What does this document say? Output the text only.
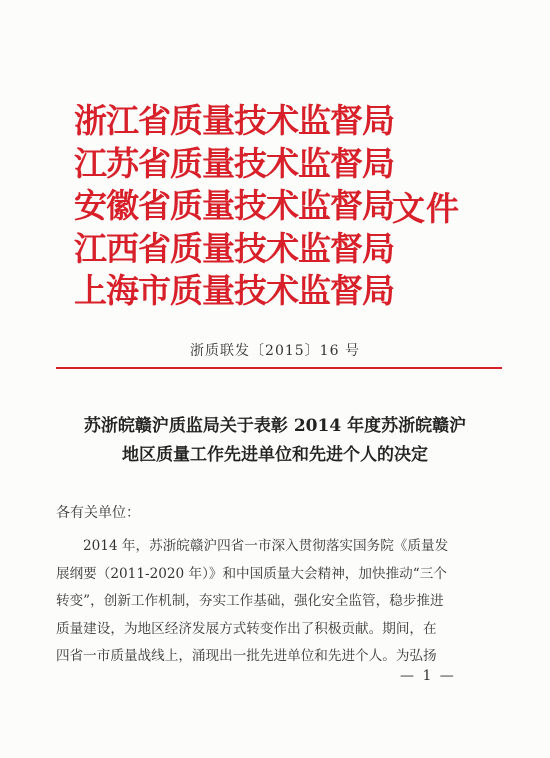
浙江省质量技术监督局
江苏省质量技术监督局
安徽省质量技术监督局
江西省质量技术监督局
上海市质量技术监督局
文件
浙质联发〔2015〕16 号
苏浙皖赣沪质监局关于表彰 2014 年度苏浙皖赣沪
地区质量工作先进单位和先进个人的决定
各有关单位：
2014 年，苏浙皖赣沪四省一市深入贯彻落实国务院《质量发
展纲要（2011-2020 年）》和中国质量大会精神，加快推动“三个
转变”，创新工作机制，夯实工作基础，强化安全监管，稳步推进
质量建设，为地区经济发展方式转变作出了积极贡献。期间，在
四省一市质量战线上，涌现出一批先进单位和先进个人。为弘扬
— 1 —
